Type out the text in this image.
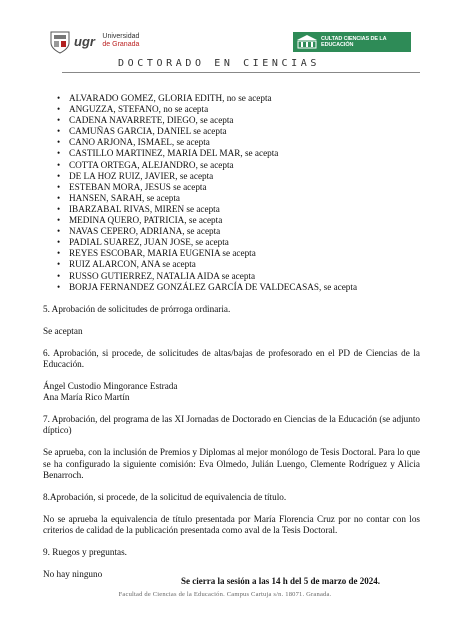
ugr Universidad
de Granada
CULTAD CIENCIAS DE LA EDUCACIÓN
DOCTORADO EN CIENCIAS
• ALVARADO GOMEZ, GLORIA EDITH, no se acepta
• ANGUZZA, STEFANO, no se acepta
• CADENA NAVARRETE, DIEGO, se acepta
• CAMUÑAS GARCIA, DANIEL se acepta
• CANO ARJONA, ISMAEL, se acepta
• CASTILLO MARTINEZ, MARIA DEL MAR, se acepta
• COTTA ORTEGA, ALEJANDRO, se acepta
• DE LA HOZ RUIZ, JAVIER, se acepta
• ESTEBAN MORA, JESUS se acepta
• HANSEN, SARAH, se acepta
• IBARZABAL RIVAS, MIREN se acepta
• MEDINA QUERO, PATRICIA, se acepta
• NAVAS CEPERO, ADRIANA, se acepta
• PADIAL SUAREZ, JUAN JOSE, se acepta
• REYES ESCOBAR, MARIA EUGENIA se acepta
• RUIZ ALARCON, ANA se acepta
• RUSSO GUTIERREZ, NATALIA AIDA se acepta
• BORJA FERNANDEZ GONZÁLEZ GARCÍA DE VALDECASAS, se acepta

5. Aprobación de solicitudes de prórroga ordinaria.

Se aceptan

6. Aprobación, si procede, de solicitudes de altas/bajas de profesorado en el PD de Ciencias de la Educación.

Ángel Custodio Mingorance Estrada

Ana María Rico Martín

7. Aprobación, del programa de las XI Jornadas de Doctorado en Ciencias de la Educación (se adjunto díptico)

Se aprueba, con la inclusión de Premios y Diplomas al mejor monólogo de Tesis Doctoral. Para lo que se ha configurado la siguiente comisión: Eva Olmedo, Julián Luengo, Clemente Rodríguez y Alicia Benarroch.

8.Aprobación, si procede, de la solicitud de equivalencia de título.

No se aprueba la equivalencia de título presentada por María Florencia Cruz por no contar con los criterios de calidad de la publicación presentada como aval de la Tesis Doctoral.

9. Ruegos y preguntas.

No hay ninguno

Se cierra la sesión a las 14 h del 5 de marzo de 2024.
Facultad de Ciencias de la Educación. Campus Cartuja s/n. 18071. Granada.
